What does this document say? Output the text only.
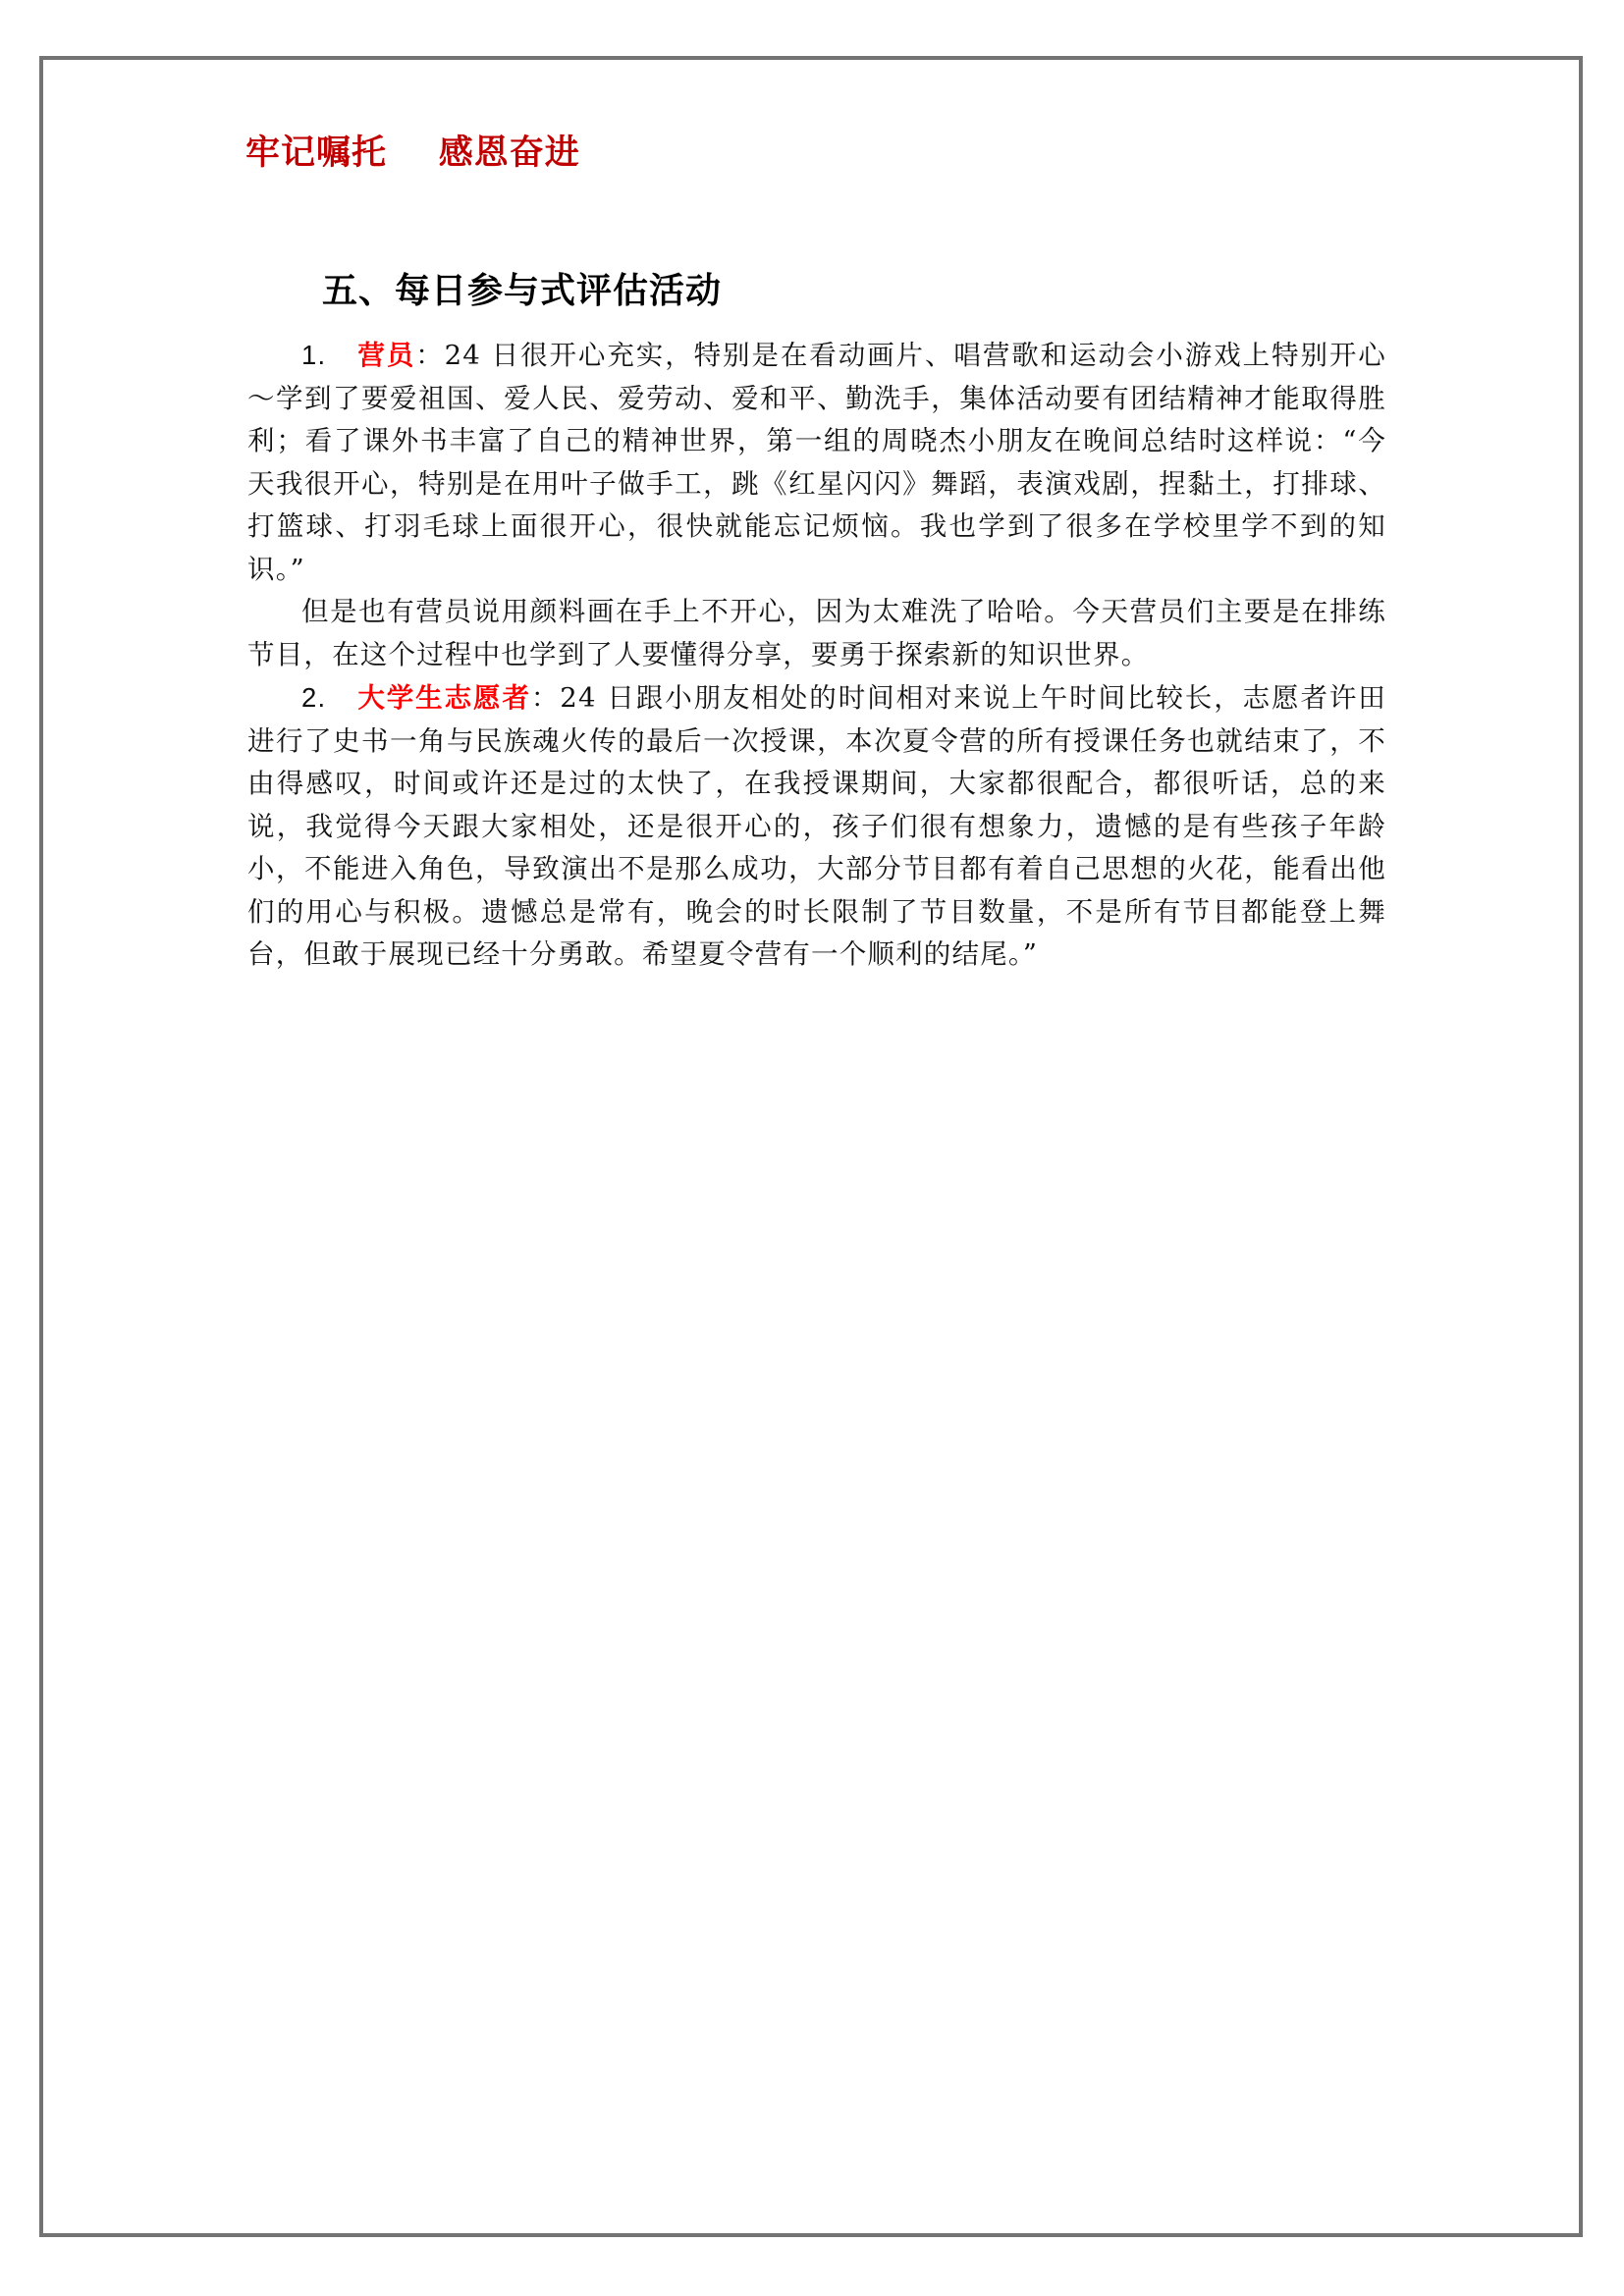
牢记嘱托    感恩奋进
五、每日参与式评估活动

1. 营员：24 日很开心充实，特别是在看动画片、唱营歌和运动会小游戏上特别开心～学到了要爱祖国、爱人民、爱劳动、爱和平、勤洗手，集体活动要有团结精神才能取得胜利；看了课外书丰富了自己的精神世界，第一组的周晓杰小朋友在晚间总结时这样说：“今天我很开心，特别是在用叶子做手工，跳《红星闪闪》舞蹈，表演戏剧，捏黏土，打排球、打篮球、打羽毛球上面很开心，很快就能忘记烦恼。我也学到了很多在学校里学不到的知识。”

但是也有营员说用颜料画在手上不开心，因为太难洗了哈哈。今天营员们主要是在排练节目，在这个过程中也学到了人要懂得分享，要勇于探索新的知识世界。

2. 大学生志愿者：24 日跟小朋友相处的时间相对来说上午时间比较长，志愿者许田进行了史书一角与民族魂火传的最后一次授课，本次夏令营的所有授课任务也就结束了，不由得感叹，时间或许还是过的太快了，在我授课期间，大家都很配合，都很听话，总的来说，我觉得今天跟大家相处，还是很开心的，孩子们很有想象力，遗憾的是有些孩子年龄小，不能进入角色，导致演出不是那么成功，大部分节目都有着自己思想的火花，能看出他们的用心与积极。遗憾总是常有，晚会的时长限制了节目数量，不是所有节目都能登上舞台，但敢于展现已经十分勇敢。希望夏令营有一个顺利的结尾。”
